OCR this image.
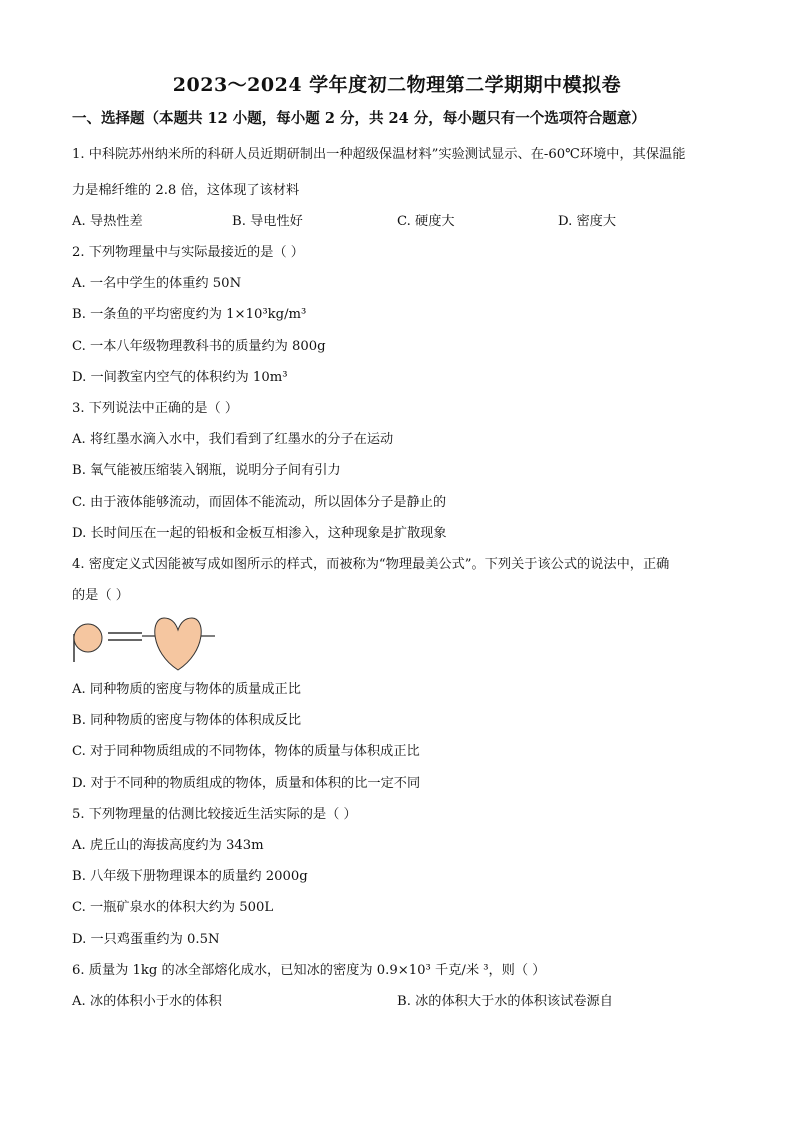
2023～2024 学年度初二物理第二学期期中模拟卷
一、选择题（本题共 12 小题，每小题 2 分，共 24 分，每小题只有一个选项符合题意）
1. 中科院苏州纳米所的科研人员近期研制出一种超级保温材料”实验测试显示、在-60℃环境中，其保温能
力是棉纤维的 2.8 倍，这体现了该材料
A. 导热性差	B. 导电性好	C. 硬度大	D. 密度大
2. 下列物理量中与实际最接近的是（ ）
A. 一名中学生的体重约 50N
B. 一条鱼的平均密度约为 1×10³kg/m³
C. 一本八年级物理教科书的质量约为 800g
D. 一间教室内空气的体积约为 10m³
3. 下列说法中正确的是（ ）
A. 将红墨水滴入水中，我们看到了红墨水的分子在运动
B. 氧气能被压缩装入钢瓶，说明分子间有引力
C. 由于液体能够流动，而固体不能流动，所以固体分子是静止的
D. 长时间压在一起的铅板和金板互相渗入，这种现象是扩散现象
4. 密度定义式因能被写成如图所示的样式，而被称为“物理最美公式”。下列关于该公式的说法中，正确
的是（ ）
A. 同种物质的密度与物体的质量成正比
B. 同种物质的密度与物体的体积成反比
C. 对于同种物质组成的不同物体，物体的质量与体积成正比
D. 对于不同种的物质组成的物体，质量和体积的比一定不同
5. 下列物理量的估测比较接近生活实际的是（ ）
A. 虎丘山的海拔高度约为 343m
B. 八年级下册物理课本的质量约 2000g
C. 一瓶矿泉水的体积大约为 500L
D. 一只鸡蛋重约为 0.5N
6. 质量为 1kg 的冰全部熔化成水，已知冰的密度为 0.9×10³ 千克/米 ³，则（ ）
A. 冰的体积小于水的体积	B. 冰的体积大于水的体积该试卷源自
